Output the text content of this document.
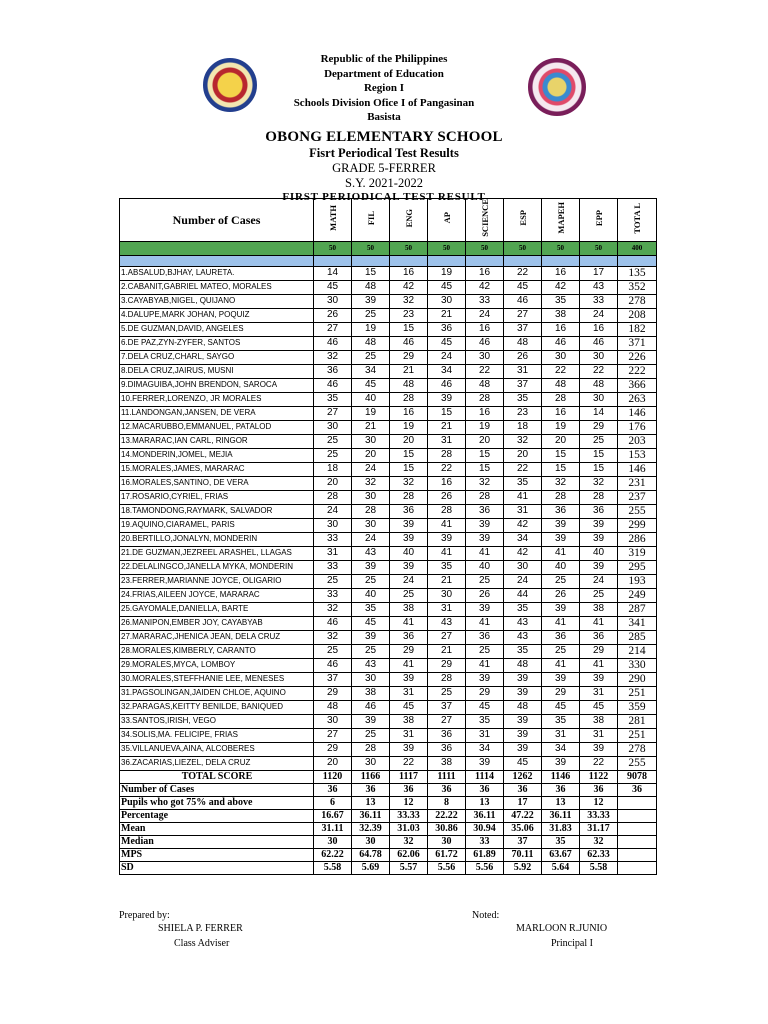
Republic of the Philippines
Department of Education
Region I
Schools Division Ofice I of Pangasinan
Basista
OBONG ELEMENTARY SCHOOL
Fisrt Periodical Test Results
GRADE 5-FERRER
S.Y. 2021-2022
FIRST PERIODICAL TEST RESULT
Number of Cases	MATH	FIL	ENG	AP	SCIENCE	ESP	MAPEH	EPP	TOTA L
	50	50	50	50	50	50	50	50	400

1.ABSALUD,BJHAY, LAURETA.	14	15	16	19	16	22	16	17	135
2.CABANIT,GABRIEL MATEO, MORALES	45	48	42	45	42	45	42	43	352
3.CAYABYAB,NIGEL, QUIJANO	30	39	32	30	33	46	35	33	278
4.DALUPE,MARK JOHAN, POQUIZ	26	25	23	21	24	27	38	24	208
5.DE GUZMAN,DAVID, ANGELES	27	19	15	36	16	37	16	16	182
6.DE PAZ,ZYN-ZYFER, SANTOS	46	48	46	45	46	48	46	46	371
7.DELA CRUZ,CHARL, SAYGO	32	25	29	24	30	26	30	30	226
8.DELA CRUZ,JAIRUS, MUSNI	36	34	21	34	22	31	22	22	222
9.DIMAGUIBA,JOHN BRENDON, SAROCA	46	45	48	46	48	37	48	48	366
10.FERRER,LORENZO, JR MORALES	35	40	28	39	28	35	28	30	263
11.LANDONGAN,JANSEN, DE VERA	27	19	16	15	16	23	16	14	146
12.MACARUBBO,EMMANUEL, PATALOD	30	21	19	21	19	18	19	29	176
13.MARARAC,IAN CARL, RINGOR	25	30	20	31	20	32	20	25	203
14.MONDERIN,JOMEL, MEJIA	25	20	15	28	15	20	15	15	153
15.MORALES,JAMES, MARARAC	18	24	15	22	15	22	15	15	146
16.MORALES,SANTINO, DE VERA	20	32	32	16	32	35	32	32	231
17.ROSARIO,CYRIEL, FRIAS	28	30	28	26	28	41	28	28	237
18.TAMONDONG,RAYMARK, SALVADOR	24	28	36	28	36	31	36	36	255
19.AQUINO,CIARAMEL, PARIS	30	30	39	41	39	42	39	39	299
20.BERTILLO,JONALYN, MONDERIN	33	24	39	39	39	34	39	39	286
21.DE GUZMAN,JEZREEL ARASHEL, LLAGAS	31	43	40	41	41	42	41	40	319
22.DELALINGCO,JANELLA MYKA, MONDERIN	33	39	39	35	40	30	40	39	295
23.FERRER,MARIANNE JOYCE, OLIGARIO	25	25	24	21	25	24	25	24	193
24.FRIAS,AILEEN JOYCE, MARARAC	33	40	25	30	26	44	26	25	249
25.GAYOMALE,DANIELLA, BARTE	32	35	38	31	39	35	39	38	287
26.MANIPON,EMBER JOY, CAYABYAB	46	45	41	43	41	43	41	41	341
27.MARARAC,JHENICA JEAN, DELA CRUZ	32	39	36	27	36	43	36	36	285
28.MORALES,KIMBERLY, CARANTO	25	25	29	21	25	35	25	29	214
29.MORALES,MYCA, LOMBOY	46	43	41	29	41	48	41	41	330
30.MORALES,STEFFHANIE LEE, MENESES	37	30	39	28	39	39	39	39	290
31.PAGSOLINGAN,JAIDEN CHLOE, AQUINO	29	38	31	25	29	39	29	31	251
32.PARAGAS,KEITTY BENILDE, BANIQUED	48	46	45	37	45	48	45	45	359
33.SANTOS,IRISH, VEGO	30	39	38	27	35	39	35	38	281
34.SOLIS,MA. FELICIPE, FRIAS	27	25	31	36	31	39	31	31	251
35.VILLANUEVA,AINA, ALCOBERES	29	28	39	36	34	39	34	39	278
36.ZACARIAS,LIEZEL, DELA CRUZ	20	30	22	38	39	45	39	22	255
TOTAL SCORE	1120	1166	1117	1111	1114	1262	1146	1122	9078
Number of Cases	36	36	36	36	36	36	36	36	36
Pupils who got 75% and above	6	13	12	8	13	17	13	12	
Percentage	16.67	36.11	33.33	22.22	36.11	47.22	36.11	33.33	
Mean	31.11	32.39	31.03	30.86	30.94	35.06	31.83	31.17	
Median	30	30	32	30	33	37	35	32	
MPS	62.22	64.78	62.06	61.72	61.89	70.11	63.67	62.33	
SD	5.58	5.69	5.57	5.56	5.56	5.92	5.64	5.58	
Prepared by:
SHIELA P. FERRER
Class Adviser
Noted:
MARLOON R.JUNIO
Principal I
